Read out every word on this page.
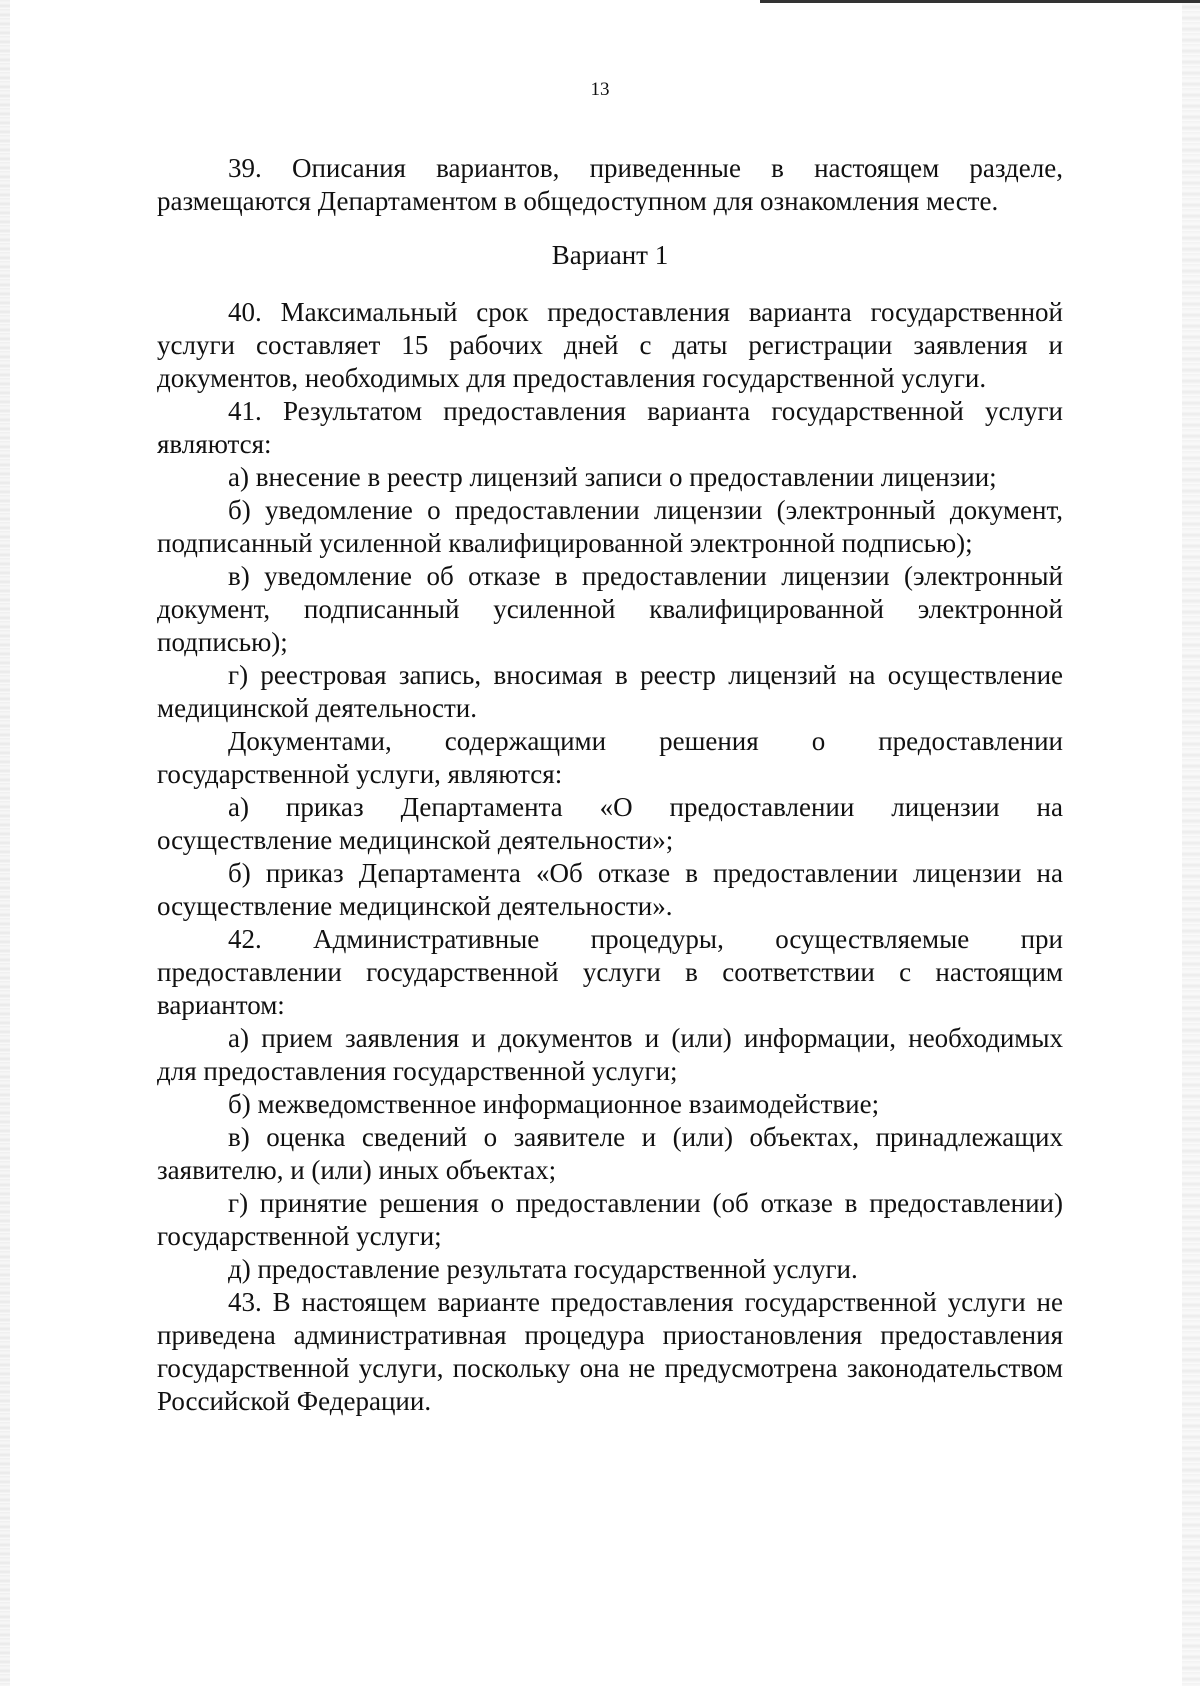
13

39. Описания вариантов, приведенные в настоящем разделе, размещаются Департаментом в общедоступном для ознакомления месте.

Вариант 1

40. Максимальный срок предоставления варианта государственной услуги составляет 15 рабочих дней с даты регистрации заявления и документов, необходимых для предоставления государственной услуги.

41. Результатом предоставления варианта государственной услуги являются:

а) внесение в реестр лицензий записи о предоставлении лицензии;

б) уведомление о предоставлении лицензии (электронный документ, подписанный усиленной квалифицированной электронной подписью);

в) уведомление об отказе в предоставлении лицензии (электронный документ, подписанный усиленной квалифицированной электронной подписью);

г) реестровая запись, вносимая в реестр лицензий на осуществление медицинской деятельности.

Документами, содержащими решения о предоставлении государственной услуги, являются:

а) приказ Департамента «О предоставлении лицензии на осуществление медицинской деятельности»;

б) приказ Департамента «Об отказе в предоставлении лицензии на осуществление медицинской деятельности».

42. Административные процедуры, осуществляемые при предоставлении государственной услуги в соответствии с настоящим вариантом:

а) прием заявления и документов и (или) информации, необходимых для предоставления государственной услуги;

б) межведомственное информационное взаимодействие;

в) оценка сведений о заявителе и (или) объектах, принадлежащих заявителю, и (или) иных объектах;

г) принятие решения о предоставлении (об отказе в предоставлении) государственной услуги;

д) предоставление результата государственной услуги.

43. В настоящем варианте предоставления государственной услуги не приведена административная процедура приостановления предоставления государственной услуги, поскольку она не предусмотрена законодательством Российской Федерации.
